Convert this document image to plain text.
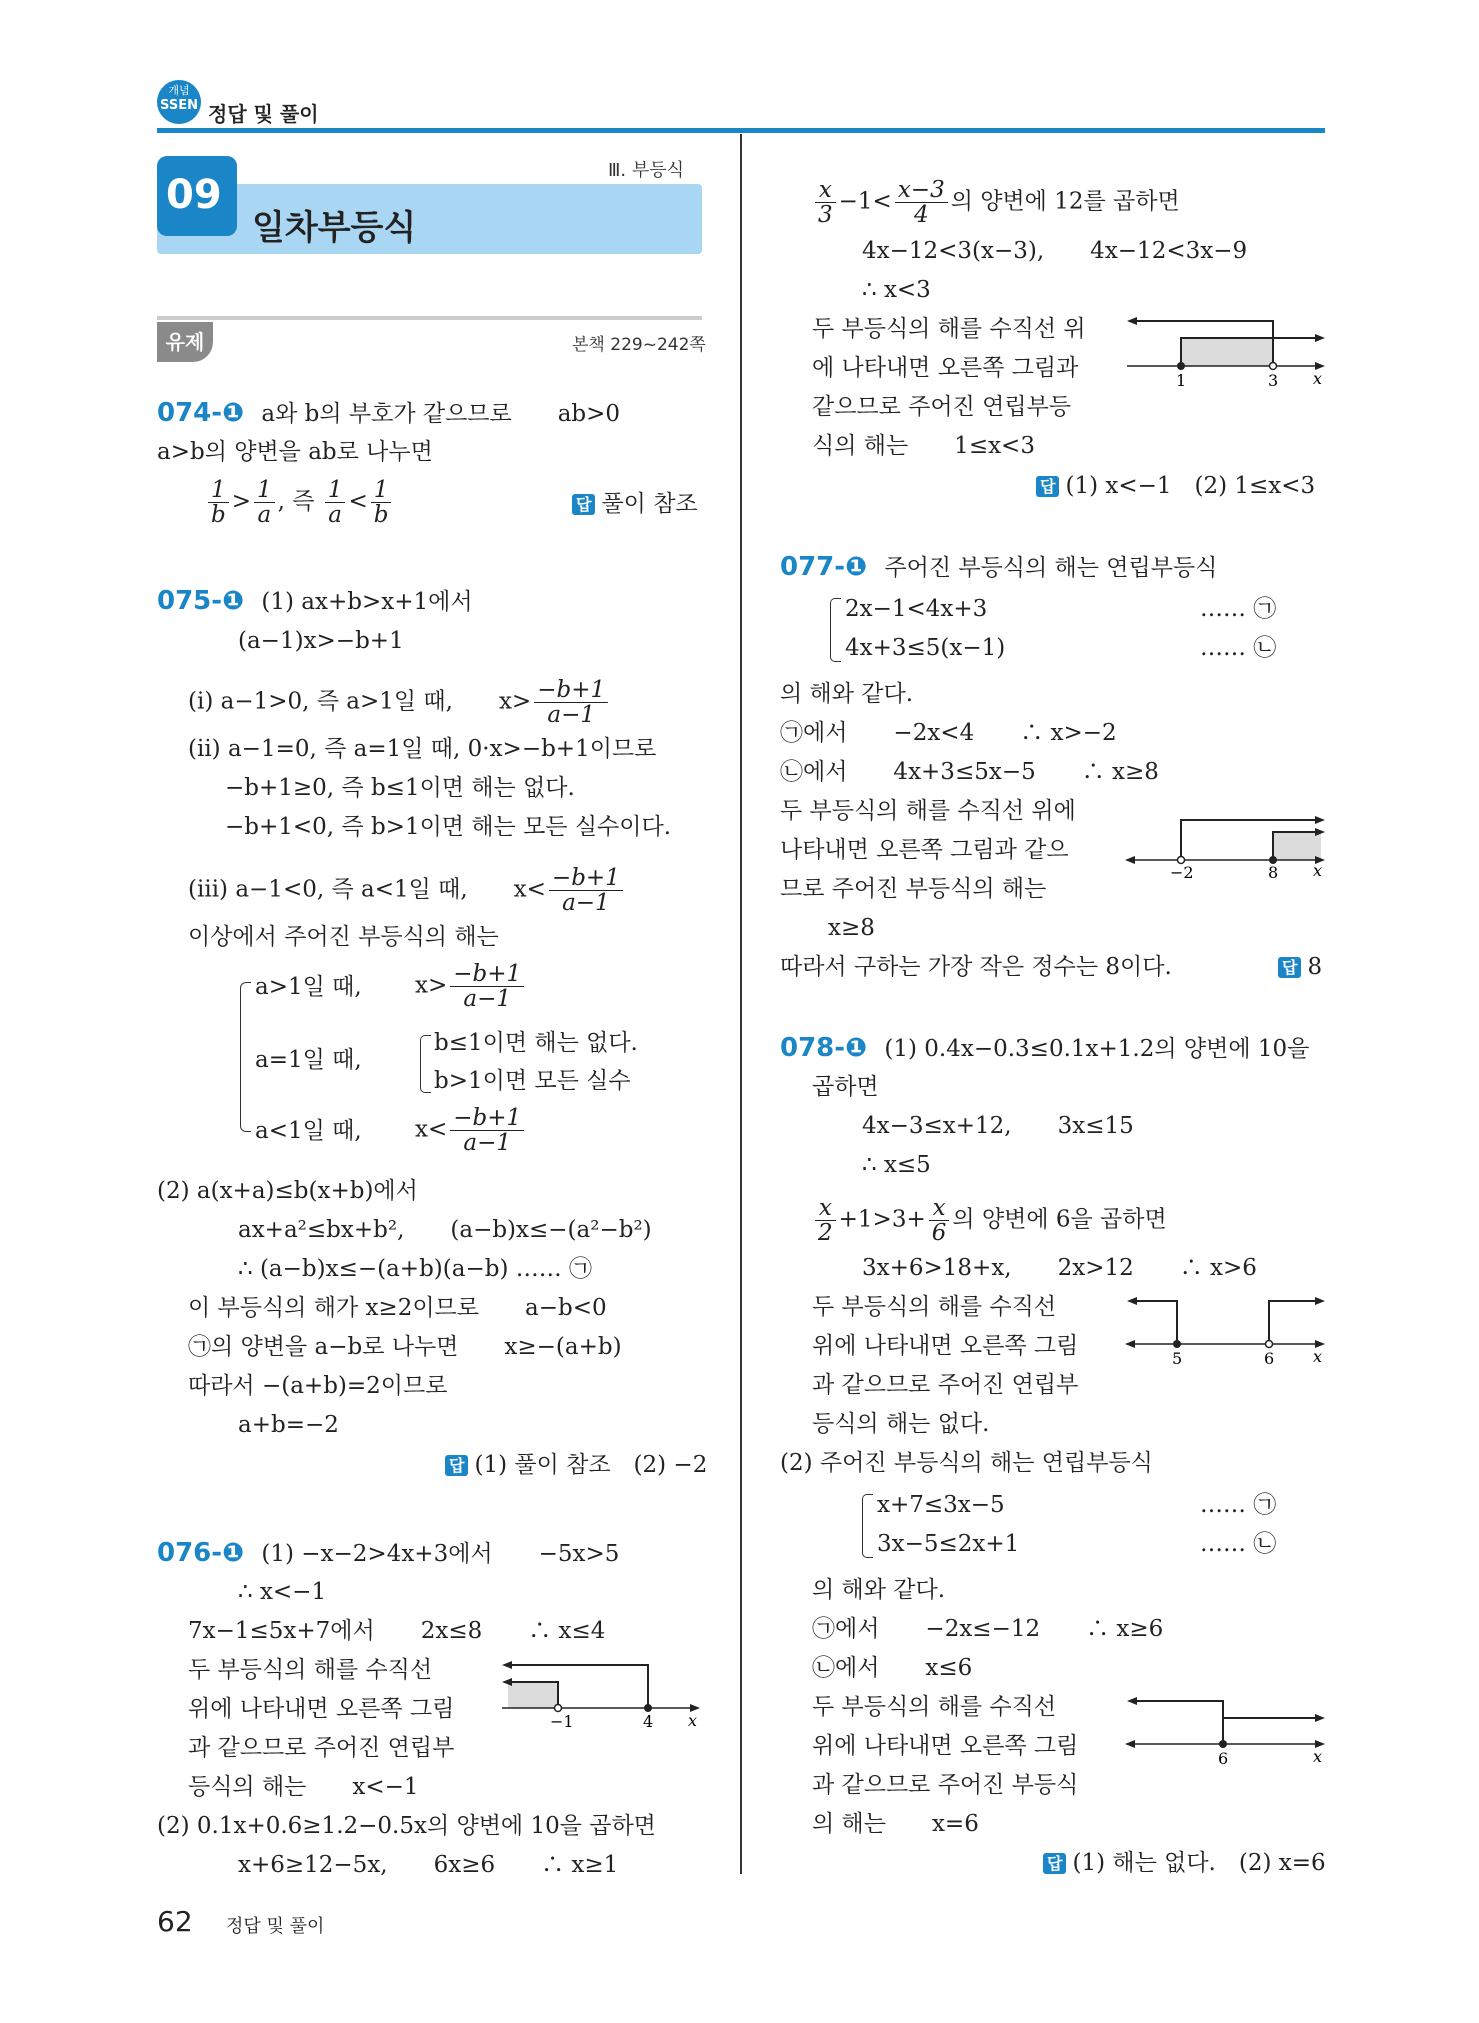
개념
SSEN 정답 및 풀이
Ⅲ. 부등식
09
일차부등식
유제	본책 229~242쪽
074-❶ a와 b의 부호가 같으므로　　ab>0
a>b의 양변을 ab로 나누면
$\frac{1}{b} > \frac{1}{a}$ , 즉 $\frac{1}{a} < \frac{1}{b}$	답 풀이 참조
075-❶ (1) ax+b>x+1에서
(a−1)x>−b+1
(ⅰ) a−1>0, 즉 a>1일 때,　　$x> \frac{-b+1}{a-1}$
(ⅱ) a−1=0, 즉 a=1일 때, 0·x>−b+1이므로
−b+1≥0, 즉 b≤1이면 해는 없다.
−b+1<0, 즉 b>1이면 해는 모든 실수이다.
(ⅲ) a−1<0, 즉 a<1일 때,　　$x< \frac{-b+1}{a-1}$
이상에서 주어진 부등식의 해는
a>1일 때, $x> \frac{-b+1}{a-1}$
a=1일 때,
b≤1이면 해는 없다.
b>1이면 모든 실수
a<1일 때, $x< \frac{-b+1}{a-1}$
(2) a(x+a)≤b(x+b)에서
ax+a²≤bx+b²,　　(a−b)x≤−(a²−b²)
∴ (a−b)x≤−(a+b)(a−b) …… ㉠
이 부등식의 해가 x≥2이므로　　a−b<0
㉠의 양변을 a−b로 나누면　　x≥−(a+b)
따라서 −(a+b)=2이므로
a+b=−2
답 (1) 풀이 참조　(2) −2
076-❶ (1) −x−2>4x+3에서　　−5x>5
∴ x<−1
7x−1≤5x+7에서　　2x≤8　　∴ x≤4
두 부등식의 해를 수직선
위에 나타내면 오른쪽 그림
과 같으므로 주어진 연립부
등식의 해는　　x<−1
(2) 0.1x+0.6≥1.2−0.5x의 양변에 10을 곱하면
x+6≥12−5x,　　6x≥6　　∴ x≥1
−1	4 x
$\frac{x}{3} -1< \frac{x-3}{4}$ 의 양변에 12를 곱하면
4x−12<3(x−3),　　4x−12<3x−9
∴ x<3
두 부등식의 해를 수직선 위
에 나타내면 오른쪽 그림과
같으므로 주어진 연립부등
식의 해는　　1≤x<3
답 (1) x<−1　(2) 1≤x<3
1	3 x
077-❶ 주어진 부등식의 해는 연립부등식
2x−1<4x+3	…… ㉠
4x+3≤5(x−1)	…… ㉡
의 해와 같다.
㉠에서　　−2x<4　　∴ x>−2
㉡에서　　4x+3≤5x−5　　∴ x≥8
두 부등식의 해를 수직선 위에
나타내면 오른쪽 그림과 같으
므로 주어진 부등식의 해는
x≥8
따라서 구하는 가장 작은 정수는 8이다.	답 8
−2	8 x
078-❶ (1) 0.4x−0.3≤0.1x+1.2의 양변에 10을
곱하면
4x−3≤x+12,　　3x≤15
∴ x≤5
$\frac{x}{2} +1>3+ \frac{x}{6}$ 의 양변에 6을 곱하면
3x+6>18+x,　　2x>12　　∴ x>6
두 부등식의 해를 수직선
위에 나타내면 오른쪽 그림
과 같으므로 주어진 연립부
등식의 해는 없다.
(2) 주어진 부등식의 해는 연립부등식
x+7≤3x−5	…… ㉠
3x−5≤2x+1	…… ㉡
의 해와 같다.
㉠에서　　−2x≤−12　　∴ x≥6
㉡에서　　x≤6
두 부등식의 해를 수직선
위에 나타내면 오른쪽 그림
과 같으므로 주어진 부등식
의 해는　　x=6
답 (1) 해는 없다.　(2) x=6
5	6 x
6	x
62 정답 및 풀이
